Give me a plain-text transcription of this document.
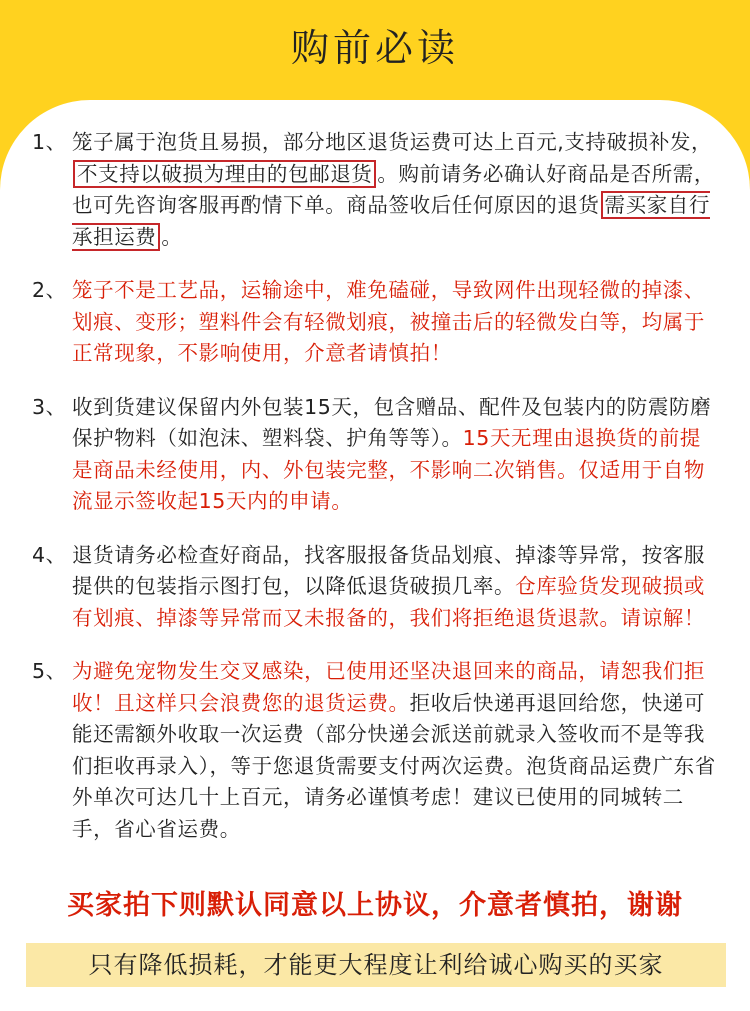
购前必读
1、 笼子属于泡货且易损，部分地区退货运费可达上百元,支持破损补发，不支持以破损为理由的包邮退货 。购前请务必确认好商品是否所需，也可先咨询客服再酌情下单。商品签收后任何原因的退货 需买家自行承担运费 。
2、 笼子不是工艺品，运输途中，难免磕碰，导致网件出现轻微的掉漆、划痕、变形；塑料件会有轻微划痕，被撞击后的轻微发白等，均属于正常现象，不影响使用，介意者请慎拍！
3、 收到货建议保留内外包装15天，包含赠品、配件及包装内的防震防磨保护物料（如泡沫、塑料袋、护角等等）。15天无理由退换货的前提是商品未经使用，内、外包装完整，不影响二次销售。仅适用于自物流显示签收起15天内的申请。
4、 退货请务必检查好商品，找客服报备货品划痕、掉漆等异常，按客服提供的包装指示图打包，以降低退货破损几率。仓库验货发现破损或有划痕、掉漆等异常而又未报备的，我们将拒绝退货退款。请谅解！
5、 为避免宠物发生交叉感染，已使用还坚决退回来的商品，请恕我们拒收！且这样只会浪费您的退货运费。拒收后快递再退回给您，快递可能还需额外收取一次运费（部分快递会派送前就录入签收而不是等我们拒收再录入），等于您退货需要支付两次运费。泡货商品运费广东省外单次可达几十上百元，请务必谨慎考虑！建议已使用的同城转二手，省心省运费。
买家拍下则默认同意以上协议，介意者慎拍，谢谢
只有降低损耗，才能更大程度让利给诚心购买的买家
